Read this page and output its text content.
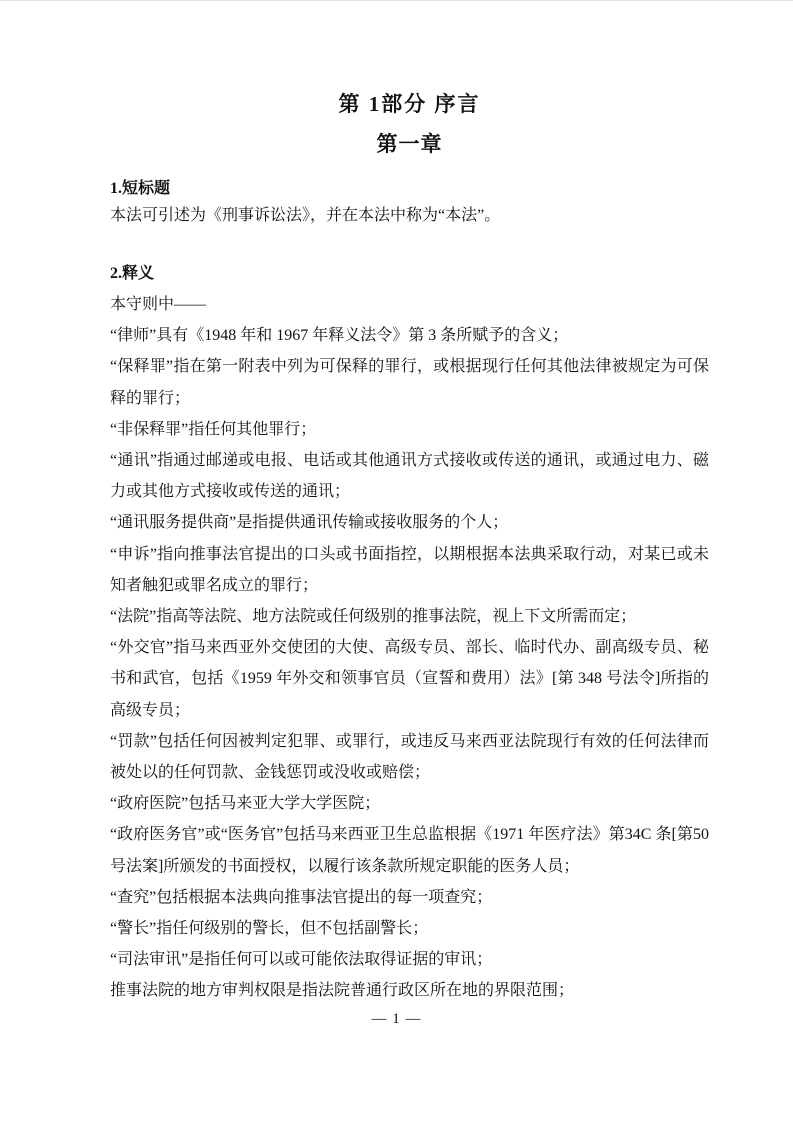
第 1部分 序言
第一章
1.短标题

本法可引述为《刑事诉讼法》，并在本法中称为“本法”。

2.释义

本守则中——

“律师”具有《1948 年和 1967 年释义法令》第 3 条所赋予的含义；

“保释罪”指在第一附表中列为可保释的罪行，或根据现行任何其他法律被规定为可保释的罪行；

“非保释罪”指任何其他罪行；

“通讯”指通过邮递或电报、电话或其他通讯方式接收或传送的通讯，或通过电力、磁力或其他方式接收或传送的通讯；

“通讯服务提供商”是指提供通讯传输或接收服务的个人；

“申诉”指向推事法官提出的口头或书面指控，以期根据本法典采取行动，对某已或未知者触犯或罪名成立的罪行；

“法院”指高等法院、地方法院或任何级别的推事法院，视上下文所需而定；

“外交官”指马来西亚外交使团的大使、高级专员、部长、临时代办、副高级专员、秘书和武官，包括《1959 年外交和领事官员（宣誓和费用）法》[第 348 号法令]所指的高级专员；

“罚款”包括任何因被判定犯罪、或罪行，或违反马来西亚法院现行有效的任何法律而被处以的任何罚款、金钱惩罚或没收或赔偿；

“政府医院”包括马来亚大学大学医院；

“政府医务官”或“医务官”包括马来西亚卫生总监根据《1971 年医疗法》第34C 条[第50号法案]所颁发的书面授权，以履行该条款所规定职能的医务人员；

“查究”包括根据本法典向推事法官提出的每一项查究；

“警长”指任何级别的警长，但不包括副警长；

“司法审讯”是指任何可以或可能依法取得证据的审讯；

推事法院的地方审判权限是指法院普通行政区所在地的界限范围；

— 1 —
